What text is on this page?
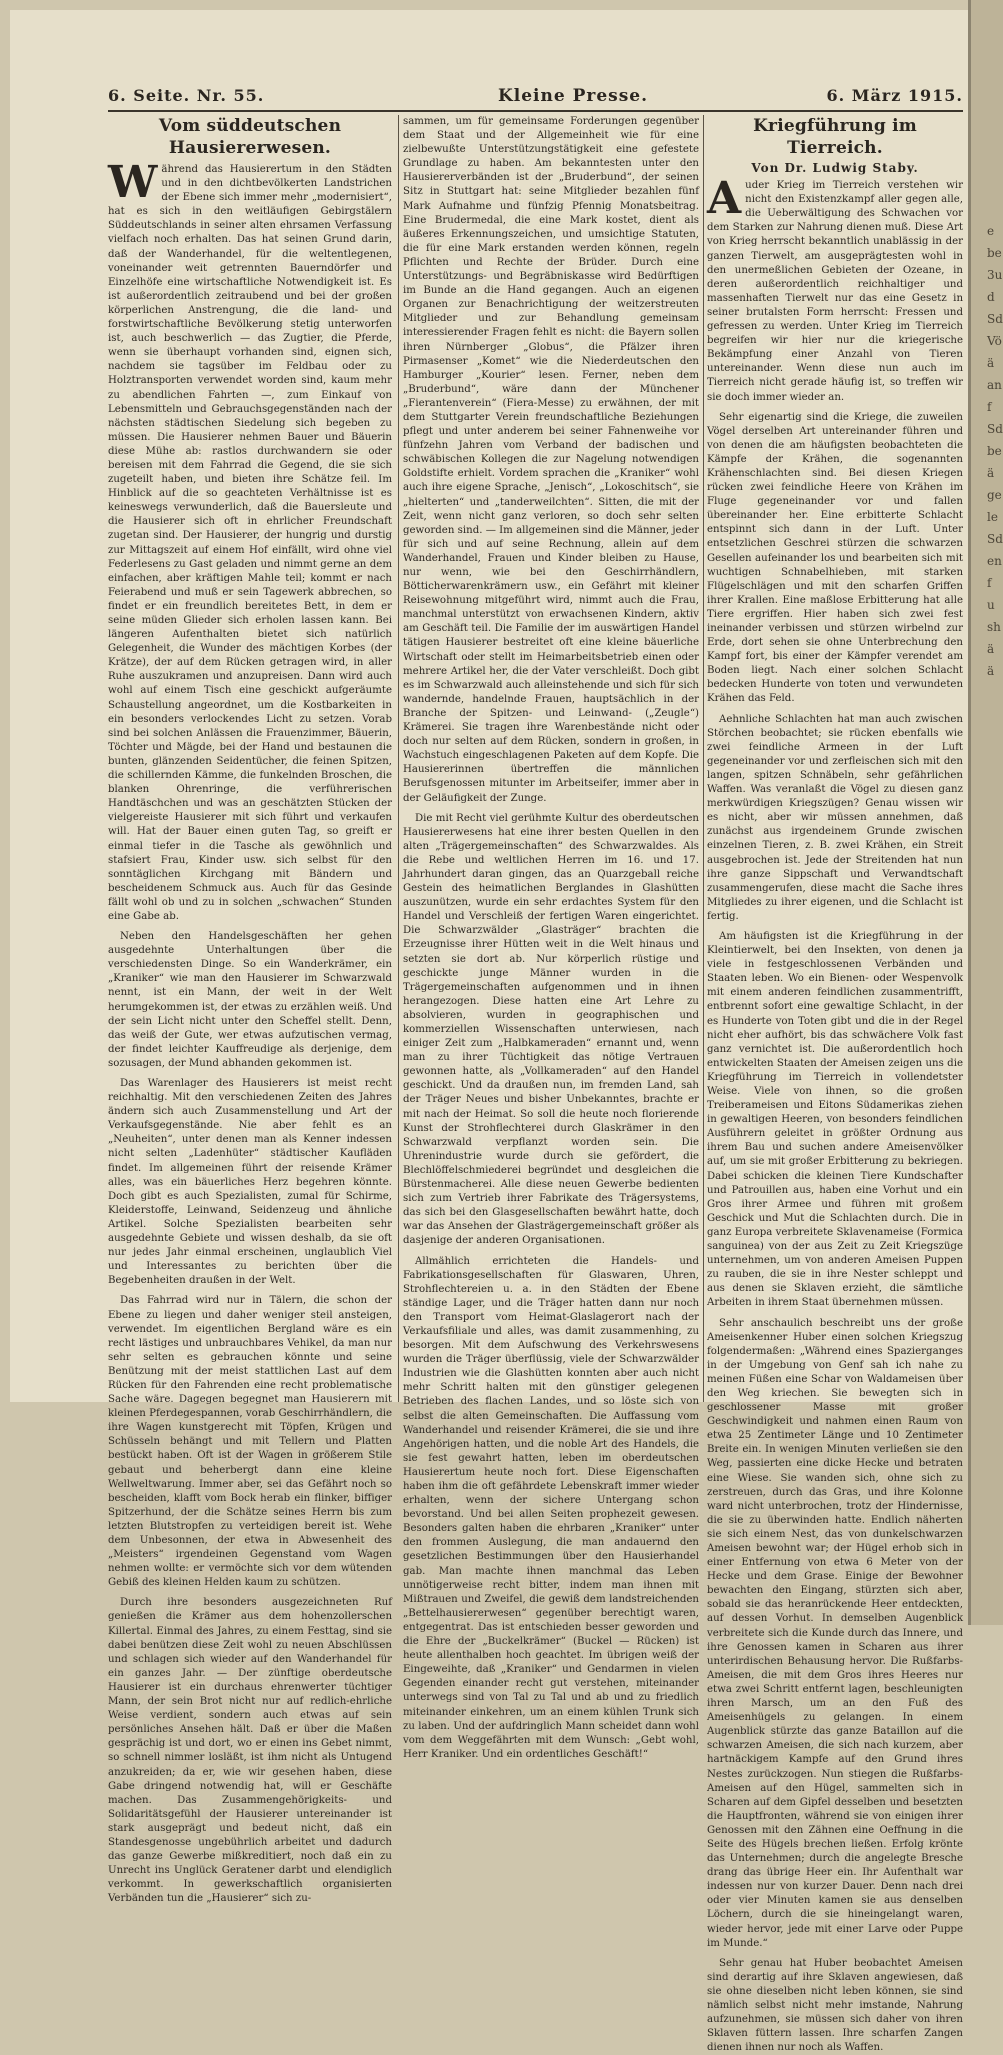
e
be
3u
d
Sd
Vö
ä
an
f
Sd
be
ä
ge
le
Sd
en
f
u
sh
ä
ä
6. Seite. Nr. 55.	Kleine Presse.	6. März 1915.
Vom süddeutschen Hausiererwesen.

Während das Hausierertum in den Städten und in den dichtbevölkerten Landstrichen der Ebene sich immer mehr „modernisiert“, hat es sich in den weitläufigen Gebirgstälern Süddeutschlands in seiner alten ehrsamen Verfassung vielfach noch erhalten. Das hat seinen Grund darin, daß der Wanderhandel, für die weltentlegenen, voneinander weit getrennten Bauerndörfer und Einzelhöfe eine wirtschaftliche Notwendigkeit ist. Es ist außerordentlich zeitraubend und bei der großen körperlichen Anstrengung, die die land- und forstwirtschaftliche Bevölkerung stetig unterworfen ist, auch beschwerlich — das Zugtier, die Pferde, wenn sie überhaupt vorhanden sind, eignen sich, nachdem sie tagsüber im Feldbau oder zu Holztransporten verwendet worden sind, kaum mehr zu abendlichen Fahrten —, zum Einkauf von Lebensmitteln und Gebrauchsgegenständen nach der nächsten städtischen Siedelung sich begeben zu müssen. Die Hausierer nehmen Bauer und Bäuerin diese Mühe ab: rastlos durchwandern sie oder bereisen mit dem Fahrrad die Gegend, die sie sich zugeteilt haben, und bieten ihre Schätze feil. Im Hinblick auf die so geachteten Verhältnisse ist es keineswegs verwunderlich, daß die Bauersleute und die Hausierer sich oft in ehrlicher Freundschaft zugetan sind. Der Hausierer, der hungrig und durstig zur Mittagszeit auf einem Hof einfällt, wird ohne viel Federlesens zu Gast geladen und nimmt gerne an dem einfachen, aber kräftigen Mahle teil; kommt er nach Feierabend und muß er sein Tagewerk abbrechen, so findet er ein freundlich bereitetes Bett, in dem er seine müden Glieder sich erholen lassen kann. Bei längeren Aufenthalten bietet sich natürlich Gelegenheit, die Wunder des mächtigen Korbes (der Krätze), der auf dem Rücken getragen wird, in aller Ruhe auszukramen und anzupreisen. Dann wird auch wohl auf einem Tisch eine geschickt aufgeräumte Schaustellung angeordnet, um die Kostbarkeiten in ein besonders verlockendes Licht zu setzen. Vorab sind bei solchen Anlässen die Frauenzimmer, Bäuerin, Töchter und Mägde, bei der Hand und bestaunen die bunten, glänzenden Seidentücher, die feinen Spitzen, die schillernden Kämme, die funkelnden Broschen, die blanken Ohrenringe, die verführerischen Handtäschchen und was an geschätzten Stücken der vielgereiste Hausierer mit sich führt und verkaufen will. Hat der Bauer einen guten Tag, so greift er einmal tiefer in die Tasche als gewöhnlich und stafsiert Frau, Kinder usw. sich selbst für den sonntäglichen Kirchgang mit Bändern und bescheidenem Schmuck aus. Auch für das Gesinde fällt wohl ob und zu in solchen „schwachen“ Stunden eine Gabe ab.

Neben den Handelsgeschäften her gehen ausgedehnte Unterhaltungen über die verschiedensten Dinge. So ein Wanderkrämer, ein „Kraniker“ wie man den Hausierer im Schwarzwald nennt, ist ein Mann, der weit in der Welt herumgekommen ist, der etwas zu erzählen weiß. Und der sein Licht nicht unter den Scheffel stellt. Denn, das weiß der Gute, wer etwas aufzutischen vermag, der findet leichter Kauffreudige als derjenige, dem sozusagen, der Mund abhanden gekommen ist.

Das Warenlager des Hausierers ist meist recht reichhaltig. Mit den verschiedenen Zeiten des Jahres ändern sich auch Zusammenstellung und Art der Verkaufsgegenstände. Nie aber fehlt es an „Neuheiten“, unter denen man als Kenner indessen nicht selten „Ladenhüter“ städtischer Kaufläden findet. Im allgemeinen führt der reisende Krämer alles, was ein bäuerliches Herz begehren könnte. Doch gibt es auch Spezialisten, zumal für Schirme, Kleiderstoffe, Leinwand, Seidenzeug und ähnliche Artikel. Solche Spezialisten bearbeiten sehr ausgedehnte Gebiete und wissen deshalb, da sie oft nur jedes Jahr einmal erscheinen, unglaublich Viel und Interessantes zu berichten über die Begebenheiten draußen in der Welt.

Das Fahrrad wird nur in Tälern, die schon der Ebene zu liegen und daher weniger steil ansteigen, verwendet. Im eigentlichen Bergland wäre es ein recht lästiges und unbrauchbares Vehikel, da man nur sehr selten es gebrauchen könnte und seine Benützung mit der meist stattlichen Last auf dem Rücken für den Fahrenden eine recht problematische Sache wäre. Dagegen begegnet man Hausierern mit kleinen Pferdegespannen, vorab Geschirrhändlern, die ihre Wagen kunstgerecht mit Töpfen, Krügen und Schüsseln behängt und mit Tellern und Platten bestückt haben. Oft ist der Wagen in größerem Stile gebaut und beherbergt dann eine kleine Wellweltwarung. Immer aber, sei das Gefährt noch so bescheiden, klafft vom Bock herab ein flinker, biffiger Spitzerhund, der die Schätze seines Herrn bis zum letzten Blutstropfen zu verteidigen bereit ist. Wehe dem Unbesonnen, der etwa in Abwesenheit des „Meisters“ irgendeinen Gegenstand vom Wagen nehmen wollte: er vermöchte sich vor dem wütenden Gebiß des kleinen Helden kaum zu schützen.

Durch ihre besonders ausgezeichneten Ruf genießen die Krämer aus dem hohenzollerschen Killertal. Einmal des Jahres, zu einem Festtag, sind sie dabei benützen diese Zeit wohl zu neuen Abschlüssen und schlagen sich wieder auf den Wanderhandel für ein ganzes Jahr. — Der zünftige oberdeutsche Hausierer ist ein durchaus ehrenwerter tüchtiger Mann, der sein Brot nicht nur auf redlich-ehrliche Weise verdient, sondern auch etwas auf sein persönliches Ansehen hält. Daß er über die Maßen gesprächig ist und dort, wo er einen ins Gebet nimmt, so schnell nimmer losläßt, ist ihm nicht als Untugend anzukreiden; da er, wie wir gesehen haben, diese Gabe dringend notwendig hat, will er Geschäfte machen. Das Zusammengehörigkeits- und Solidaritätsgefühl der Hausierer untereinander ist stark ausgeprägt und bedeut nicht, daß ein Standesgenosse ungebührlich arbeitet und dadurch das ganze Gewerbe mißkreditiert, noch daß ein zu Unrecht ins Unglück Geratener darbt und elendiglich verkommt. In gewerkschaftlich organisierten Verbänden tun die „Hausierer“ sich zu-

sammen, um für gemeinsame Forderungen gegenüber dem Staat und der Allgemeinheit wie für eine zielbewußte Unterstützungstätigkeit eine gefestete Grundlage zu haben. Am bekanntesten unter den Hausiererverbänden ist der „Bruderbund“, der seinen Sitz in Stuttgart hat: seine Mitglieder bezahlen fünf Mark Aufnahme und fünfzig Pfennig Monatsbeitrag. Eine Brudermedal, die eine Mark kostet, dient als äußeres Erkennungszeichen, und umsichtige Statuten, die für eine Mark erstanden werden können, regeln Pflichten und Rechte der Brüder. Durch eine Unterstützungs- und Begräbniskasse wird Bedürftigen im Bunde an die Hand gegangen. Auch an eigenen Organen zur Benachrichtigung der weitzerstreuten Mitglieder und zur Behandlung gemeinsam interessierender Fragen fehlt es nicht: die Bayern sollen ihren Nürnberger „Globus“, die Pfälzer ihren Pirmasenser „Komet“ wie die Niederdeutschen den Hamburger „Kourier“ lesen. Ferner, neben dem „Bruderbund“, wäre dann der Münchener „Fierantenverein“ (Fiera-Messe) zu erwähnen, der mit dem Stuttgarter Verein freundschaftliche Beziehungen pflegt und unter anderem bei seiner Fahnenweihe vor fünfzehn Jahren vom Verband der badischen und schwäbischen Kollegen die zur Nagelung notwendigen Goldstifte erhielt. Vordem sprachen die „Kraniker“ wohl auch ihre eigene Sprache, „Jenisch“, „Lokoschitsch“, sie „hielterten“ und „tanderweilchten“. Sitten, die mit der Zeit, wenn nicht ganz verloren, so doch sehr selten geworden sind. — Im allgemeinen sind die Männer, jeder für sich und auf seine Rechnung, allein auf dem Wanderhandel, Frauen und Kinder bleiben zu Hause, nur wenn, wie bei den Geschirrhändlern, Bötticherwarenkrämern usw., ein Gefährt mit kleiner Reisewohnung mitgeführt wird, nimmt auch die Frau, manchmal unterstützt von erwachsenen Kindern, aktiv am Geschäft teil. Die Familie der im auswärtigen Handel tätigen Hausierer bestreitet oft eine kleine bäuerliche Wirtschaft oder stellt im Heimarbeitsbetrieb einen oder mehrere Artikel her, die der Vater verschleißt. Doch gibt es im Schwarzwald auch alleinstehende und sich für sich wandernde, handelnde Frauen, hauptsächlich in der Branche der Spitzen- und Leinwand- („Zeugle“) Krämerei. Sie tragen ihre Warenbestände nicht oder doch nur selten auf dem Rücken, sondern in großen, in Wachstuch eingeschlagenen Paketen auf dem Kopfe. Die Hausiererinnen übertreffen die männlichen Berufsgenossen mitunter im Arbeitseifer, immer aber in der Geläufigkeit der Zunge.

Die mit Recht viel gerühmte Kultur des oberdeutschen Hausiererwesens hat eine ihrer besten Quellen in den alten „Trägergemeinschaften“ des Schwarzwaldes. Als die Rebe und weltlichen Herren im 16. und 17. Jahrhundert daran gingen, das an Quarzgeball reiche Gestein des heimatlichen Berglandes in Glashütten auszunützen, wurde ein sehr erdachtes System für den Handel und Verschleiß der fertigen Waren eingerichtet. Die Schwarzwälder „Glasträger“ brachten die Erzeugnisse ihrer Hütten weit in die Welt hinaus und setzten sie dort ab. Nur körperlich rüstige und geschickte junge Männer wurden in die Trägergemeinschaften aufgenommen und in ihnen herangezogen. Diese hatten eine Art Lehre zu absolvieren, wurden in geographischen und kommerziellen Wissenschaften unterwiesen, nach einiger Zeit zum „Halbkameraden“ ernannt und, wenn man zu ihrer Tüchtigkeit das nötige Vertrauen gewonnen hatte, als „Vollkameraden“ auf den Handel geschickt. Und da draußen nun, im fremden Land, sah der Träger Neues und bisher Unbekanntes, brachte er mit nach der Heimat. So soll die heute noch florierende Kunst der Strohflechterei durch Glaskrämer in den Schwarzwald verpflanzt worden sein. Die Uhrenindustrie wurde durch sie gefördert, die Blechlöffelschmiederei begründet und desgleichen die Bürstenmacherei. Alle diese neuen Gewerbe bedienten sich zum Vertrieb ihrer Fabrikate des Trägersystems, das sich bei den Glasgesellschaften bewährt hatte, doch war das Ansehen der Glasträgergemeinschaft größer als dasjenige der anderen Organisationen.

Allmählich errichteten die Handels- und Fabrikationsgesellschaften für Glaswaren, Uhren, Strohflechtereien u. a. in den Städten der Ebene ständige Lager, und die Träger hatten dann nur noch den Transport vom Heimat-Glaslagerort nach der Verkaufsfiliale und alles, was damit zusammenhing, zu besorgen. Mit dem Aufschwung des Verkehrswesens wurden die Träger überflüssig, viele der Schwarzwälder Industrien wie die Glashütten konnten aber auch nicht mehr Schritt halten mit den günstiger gelegenen Betrieben des flachen Landes, und so löste sich von selbst die alten Gemeinschaften. Die Auffassung vom Wanderhandel und reisender Krämerei, die sie und ihre Angehörigen hatten, und die noble Art des Handels, die sie fest gewahrt hatten, leben im oberdeutschen Hausierertum heute noch fort. Diese Eigenschaften haben ihm die oft gefährdete Lebenskraft immer wieder erhalten, wenn der sichere Untergang schon bevorstand. Und bei allen Seiten prophezeit gewesen. Besonders galten haben die ehrbaren „Kraniker“ unter den frommen Auslegung, die man andauernd den gesetzlichen Bestimmungen über den Hausierhandel gab. Man machte ihnen manchmal das Leben unnötigerweise recht bitter, indem man ihnen mit Mißtrauen und Zweifel, die gewiß dem landstreichenden „Bettelhausiererwesen“ gegenüber berechtigt waren, entgegentrat. Das ist entschieden besser geworden und die Ehre der „Buckelkrämer“ (Buckel — Rücken) ist heute allenthalben hoch geachtet. Im übrigen weiß der Eingeweihte, daß „Kraniker“ und Gendarmen in vielen Gegenden einander recht gut verstehen, miteinander unterwegs sind von Tal zu Tal und ab und zu friedlich miteinander einkehren, um an einem kühlen Trunk sich zu laben. Und der aufdringlich Mann scheidet dann wohl vom dem Weggefährten mit dem Wunsch: „Gebt wohl, Herr Kraniker. Und ein ordentliches Geschäft!“

Kriegführung im Tierreich.
Von Dr. Ludwig Staby.

Auder Krieg im Tierreich verstehen wir nicht den Existenzkampf aller gegen alle, die Ueberwältigung des Schwachen vor dem Starken zur Nahrung dienen muß. Diese Art von Krieg herrscht bekanntlich unablässig in der ganzen Tierwelt, am ausgeprägtesten wohl in den unermeßlichen Gebieten der Ozeane, in deren außerordentlich reichhaltiger und massenhaften Tierwelt nur das eine Gesetz in seiner brutalsten Form herrscht: Fressen und gefressen zu werden. Unter Krieg im Tierreich begreifen wir hier nur die kriegerische Bekämpfung einer Anzahl von Tieren untereinander. Wenn diese nun auch im Tierreich nicht gerade häufig ist, so treffen wir sie doch immer wieder an.

Sehr eigenartig sind die Kriege, die zuweilen Vögel derselben Art untereinander führen und von denen die am häufigsten beobachteten die Kämpfe der Krähen, die sogenannten Krähenschlachten sind. Bei diesen Kriegen rücken zwei feindliche Heere von Krähen im Fluge gegeneinander vor und fallen übereinander her. Eine erbitterte Schlacht entspinnt sich dann in der Luft. Unter entsetzlichen Geschrei stürzen die schwarzen Gesellen aufeinander los und bearbeiten sich mit wuchtigen Schnabelhieben, mit starken Flügelschlägen und mit den scharfen Griffen ihrer Krallen. Eine maßlose Erbitterung hat alle Tiere ergriffen. Hier haben sich zwei fest ineinander verbissen und stürzen wirbelnd zur Erde, dort sehen sie ohne Unterbrechung den Kampf fort, bis einer der Kämpfer verendet am Boden liegt. Nach einer solchen Schlacht bedecken Hunderte von toten und verwundeten Krähen das Feld.

Aehnliche Schlachten hat man auch zwischen Störchen beobachtet; sie rücken ebenfalls wie zwei feindliche Armeen in der Luft gegeneinander vor und zerfleischen sich mit den langen, spitzen Schnäbeln, sehr gefährlichen Waffen. Was veranlaßt die Vögel zu diesen ganz merkwürdigen Kriegszügen? Genau wissen wir es nicht, aber wir müssen annehmen, daß zunächst aus irgendeinem Grunde zwischen einzelnen Tieren, z. B. zwei Krähen, ein Streit ausgebrochen ist. Jede der Streitenden hat nun ihre ganze Sippschaft und Verwandtschaft zusammengerufen, diese macht die Sache ihres Mitgliedes zu ihrer eigenen, und die Schlacht ist fertig.

Am häufigsten ist die Kriegführung in der Kleintierwelt, bei den Insekten, von denen ja viele in festgeschlossenen Verbänden und Staaten leben. Wo ein Bienen- oder Wespenvolk mit einem anderen feindlichen zusammentrifft, entbrennt sofort eine gewaltige Schlacht, in der es Hunderte von Toten gibt und die in der Regel nicht eher aufhört, bis das schwächere Volk fast ganz vernichtet ist. Die außerordentlich hoch entwickelten Staaten der Ameisen zeigen uns die Kriegführung im Tierreich in vollendetster Weise. Viele von ihnen, so die großen Treiberameisen und Eitons Südamerikas ziehen in gewaltigen Heeren, von besonders feindlichen Ausführern geleitet in größter Ordnung aus ihrem Bau und suchen andere Ameisenvölker auf, um sie mit großer Erbitterung zu bekriegen. Dabei schicken die kleinen Tiere Kundschafter und Patrouillen aus, haben eine Vorhut und ein Gros ihrer Armee und führen mit großem Geschick und Mut die Schlachten durch. Die in ganz Europa verbreitete Sklavenameise (Formica sanguinea) von der aus Zeit zu Zeit Kriegszüge unternehmen, um von anderen Ameisen Puppen zu rauben, die sie in ihre Nester schleppt und aus denen sie Sklaven erzieht, die sämtliche Arbeiten in ihrem Staat übernehmen müssen.

Sehr anschaulich beschreibt uns der große Ameisenkenner Huber einen solchen Kriegszug folgendermaßen: „Während eines Spazierganges in der Umgebung von Genf sah ich nahe zu meinen Füßen eine Schar von Waldameisen über den Weg kriechen. Sie bewegten sich in geschlossener Masse mit großer Geschwindigkeit und nahmen einen Raum von etwa 25 Zentimeter Länge und 10 Zentimeter Breite ein. In wenigen Minuten verließen sie den Weg, passierten eine dicke Hecke und betraten eine Wiese. Sie wanden sich, ohne sich zu zerstreuen, durch das Gras, und ihre Kolonne ward nicht unterbrochen, trotz der Hindernisse, die sie zu überwinden hatte. Endlich näherten sie sich einem Nest, das von dunkelschwarzen Ameisen bewohnt war; der Hügel erhob sich in einer Entfernung von etwa 6 Meter von der Hecke und dem Grase. Einige der Bewohner bewachten den Eingang, stürzten sich aber, sobald sie das heranrückende Heer entdeckten, auf dessen Vorhut. In demselben Augenblick verbreitete sich die Kunde durch das Innere, und ihre Genossen kamen in Scharen aus ihrer unterirdischen Behausung hervor. Die Rußfarbs-Ameisen, die mit dem Gros ihres Heeres nur etwa zwei Schritt entfernt lagen, beschleunigten ihren Marsch, um an den Fuß des Ameisenhügels zu gelangen. In einem Augenblick stürzte das ganze Bataillon auf die schwarzen Ameisen, die sich nach kurzem, aber hartnäckigem Kampfe auf den Grund ihres Nestes zurückzogen. Nun stiegen die Rußfarbs-Ameisen auf den Hügel, sammelten sich in Scharen auf dem Gipfel desselben und besetzten die Hauptfronten, während sie von einigen ihrer Genossen mit den Zähnen eine Oeffnung in die Seite des Hügels brechen ließen. Erfolg krönte das Unternehmen; durch die angelegte Bresche drang das übrige Heer ein. Ihr Aufenthalt war indessen nur von kurzer Dauer. Denn nach drei oder vier Minuten kamen sie aus denselben Löchern, durch die sie hineingelangt waren, wieder hervor, jede mit einer Larve oder Puppe im Munde.“

Sehr genau hat Huber beobachtet Ameisen sind derartig auf ihre Sklaven angewiesen, daß sie ohne dieselben nicht leben können, sie sind nämlich selbst nicht mehr imstande, Nahrung aufzunehmen, sie müssen sich daher von ihren Sklaven füttern lassen. Ihre scharfen Zangen dienen ihnen nur noch als Waffen.
